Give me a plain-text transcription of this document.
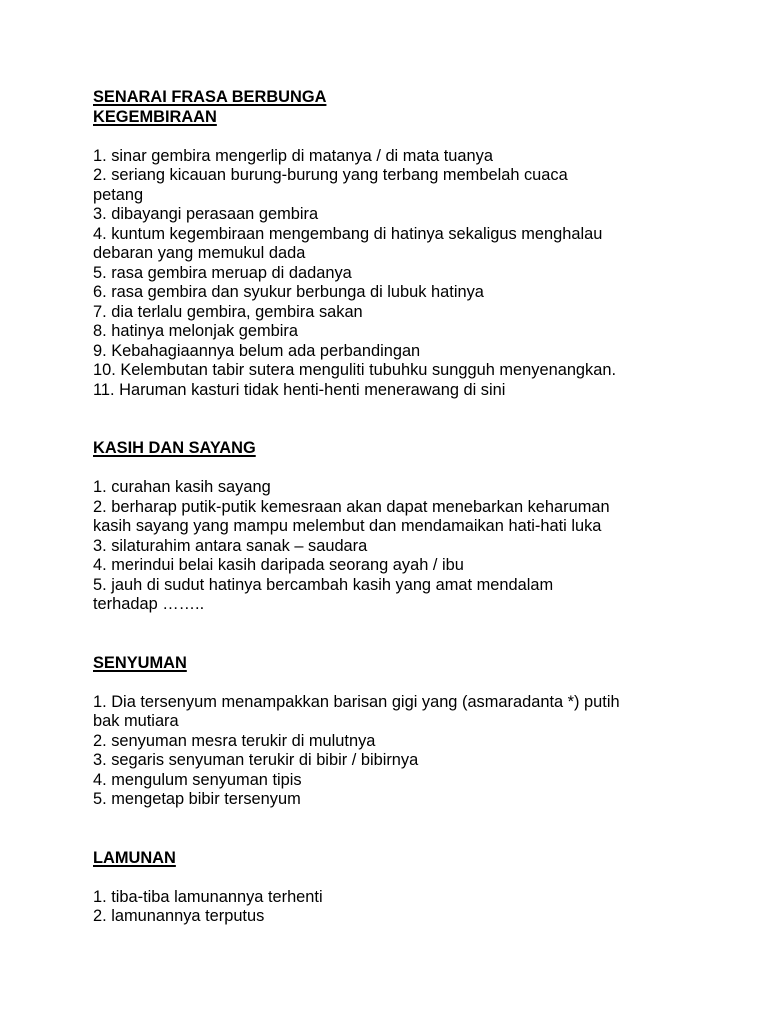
SENARAI FRASA BERBUNGA
KEGEMBIRAAN
1. sinar gembira mengerlip di matanya / di mata tuanya
2. seriang kicauan burung-burung yang terbang membelah cuaca
petang
3. dibayangi perasaan gembira
4. kuntum kegembiraan mengembang di hatinya sekaligus menghalau
debaran yang memukul dada
5. rasa gembira meruap di dadanya
6. rasa gembira dan syukur berbunga di lubuk hatinya
7. dia terlalu gembira, gembira sakan
8. hatinya melonjak gembira
9. Kebahagiaannya belum ada perbandingan
10. Kelembutan tabir sutera menguliti tubuhku sungguh menyenangkan.
11. Haruman kasturi tidak henti-henti menerawang di sini
KASIH DAN SAYANG
1. curahan kasih sayang
2. berharap putik-putik kemesraan akan dapat menebarkan keharuman
kasih sayang yang mampu melembut dan mendamaikan hati-hati luka
3. silaturahim antara sanak – saudara
4. merindui belai kasih daripada seorang ayah / ibu
5. jauh di sudut hatinya bercambah kasih yang amat mendalam
terhadap ……..
SENYUMAN
1. Dia tersenyum menampakkan barisan gigi yang (asmaradanta *) putih
bak mutiara
2. senyuman mesra terukir di mulutnya
3. segaris senyuman terukir di bibir / bibirnya
4. mengulum senyuman tipis
5. mengetap bibir tersenyum
LAMUNAN
1. tiba-tiba lamunannya terhenti
2. lamunannya terputus
